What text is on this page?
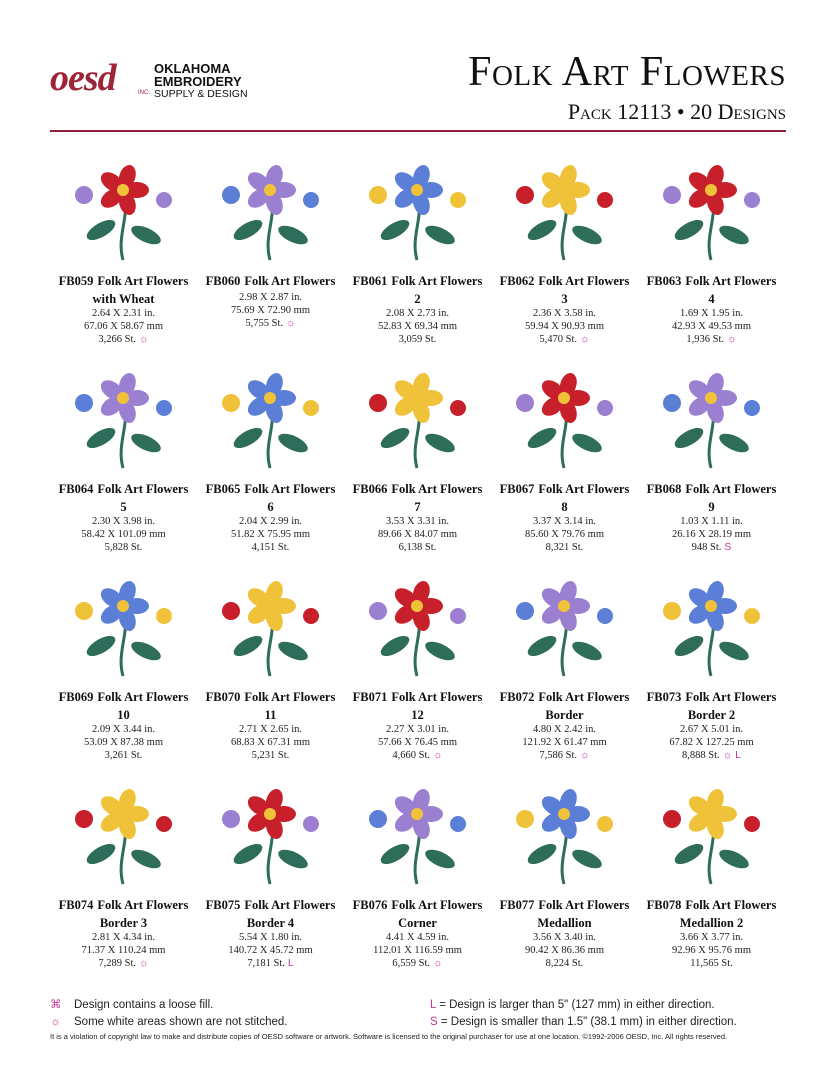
oesd	INC.
OKLAHOMA
EMBROIDERY
SUPPLY & DESIGN	Folk Art Flowers
Pack 12113 • 20 Designs
FB059 Folk Art Flowers
with Wheat
2.64 X 2.31 in.
67.06 X 58.67 mm
3,266 St. ☼
FB060 Folk Art Flowers
2.98 X 2.87 in.
75.69 X 72.90 mm
5,755 St. ☼
FB061 Folk Art Flowers
2
2.08 X 2.73 in.
52.83 X 69.34 mm
3,059 St.
FB062 Folk Art Flowers
3
2.36 X 3.58 in.
59.94 X 90.93 mm
5,470 St. ☼
FB063 Folk Art Flowers
4
1.69 X 1.95 in.
42.93 X 49.53 mm
1,936 St. ☼
FB064 Folk Art Flowers
5
2.30 X 3.98 in.
58.42 X 101.09 mm
5,828 St.
FB065 Folk Art Flowers
6
2.04 X 2.99 in.
51.82 X 75.95 mm
4,151 St.
FB066 Folk Art Flowers
7
3.53 X 3.31 in.
89.66 X 84.07 mm
6,138 St.
FB067 Folk Art Flowers
8
3.37 X 3.14 in.
85.60 X 79.76 mm
8,321 St.
FB068 Folk Art Flowers
9
1.03 X 1.11 in.
26.16 X 28.19 mm
948 St. S
FB069 Folk Art Flowers
10
2.09 X 3.44 in.
53.09 X 87.38 mm
3,261 St.
FB070 Folk Art Flowers
11
2.71 X 2.65 in.
68.83 X 67.31 mm
5,231 St.
FB071 Folk Art Flowers
12
2.27 X 3.01 in.
57.66 X 76.45 mm
4,660 St. ☼
FB072 Folk Art Flowers
Border
4.80 X 2.42 in.
121.92 X 61.47 mm
7,586 St. ☼
FB073 Folk Art Flowers
Border 2
2.67 X 5.01 in.
67.82 X 127.25 mm
8,888 St. ☼ L
FB074 Folk Art Flowers
Border 3
2.81 X 4.34 in.
71.37 X 110.24 mm
7,289 St. ☼
FB075 Folk Art Flowers
Border 4
5.54 X 1.80 in.
140.72 X 45.72 mm
7,181 St. L
FB076 Folk Art Flowers
Corner
4.41 X 4.59 in.
112.01 X 116.59 mm
6,559 St. ☼
FB077 Folk Art Flowers
Medallion
3.56 X 3.40 in.
90.42 X 86.36 mm
8,224 St.
FB078 Folk Art Flowers
Medallion 2
3.66 X 3.77 in.
92.96 X 95.76 mm
11,565 St.
⌘ Design contains a loose fill.
☼ Some white areas shown are not stitched.
L = Design is larger than 5" (127 mm) in either direction.
S = Design is smaller than 1.5" (38.1 mm) in either direction.
It is a violation of copyright law to make and distribute copies of OESD software or artwork. Software is licensed to the original purchaser for use at one location. ©1992-2006 OESD, Inc. All rights reserved.
